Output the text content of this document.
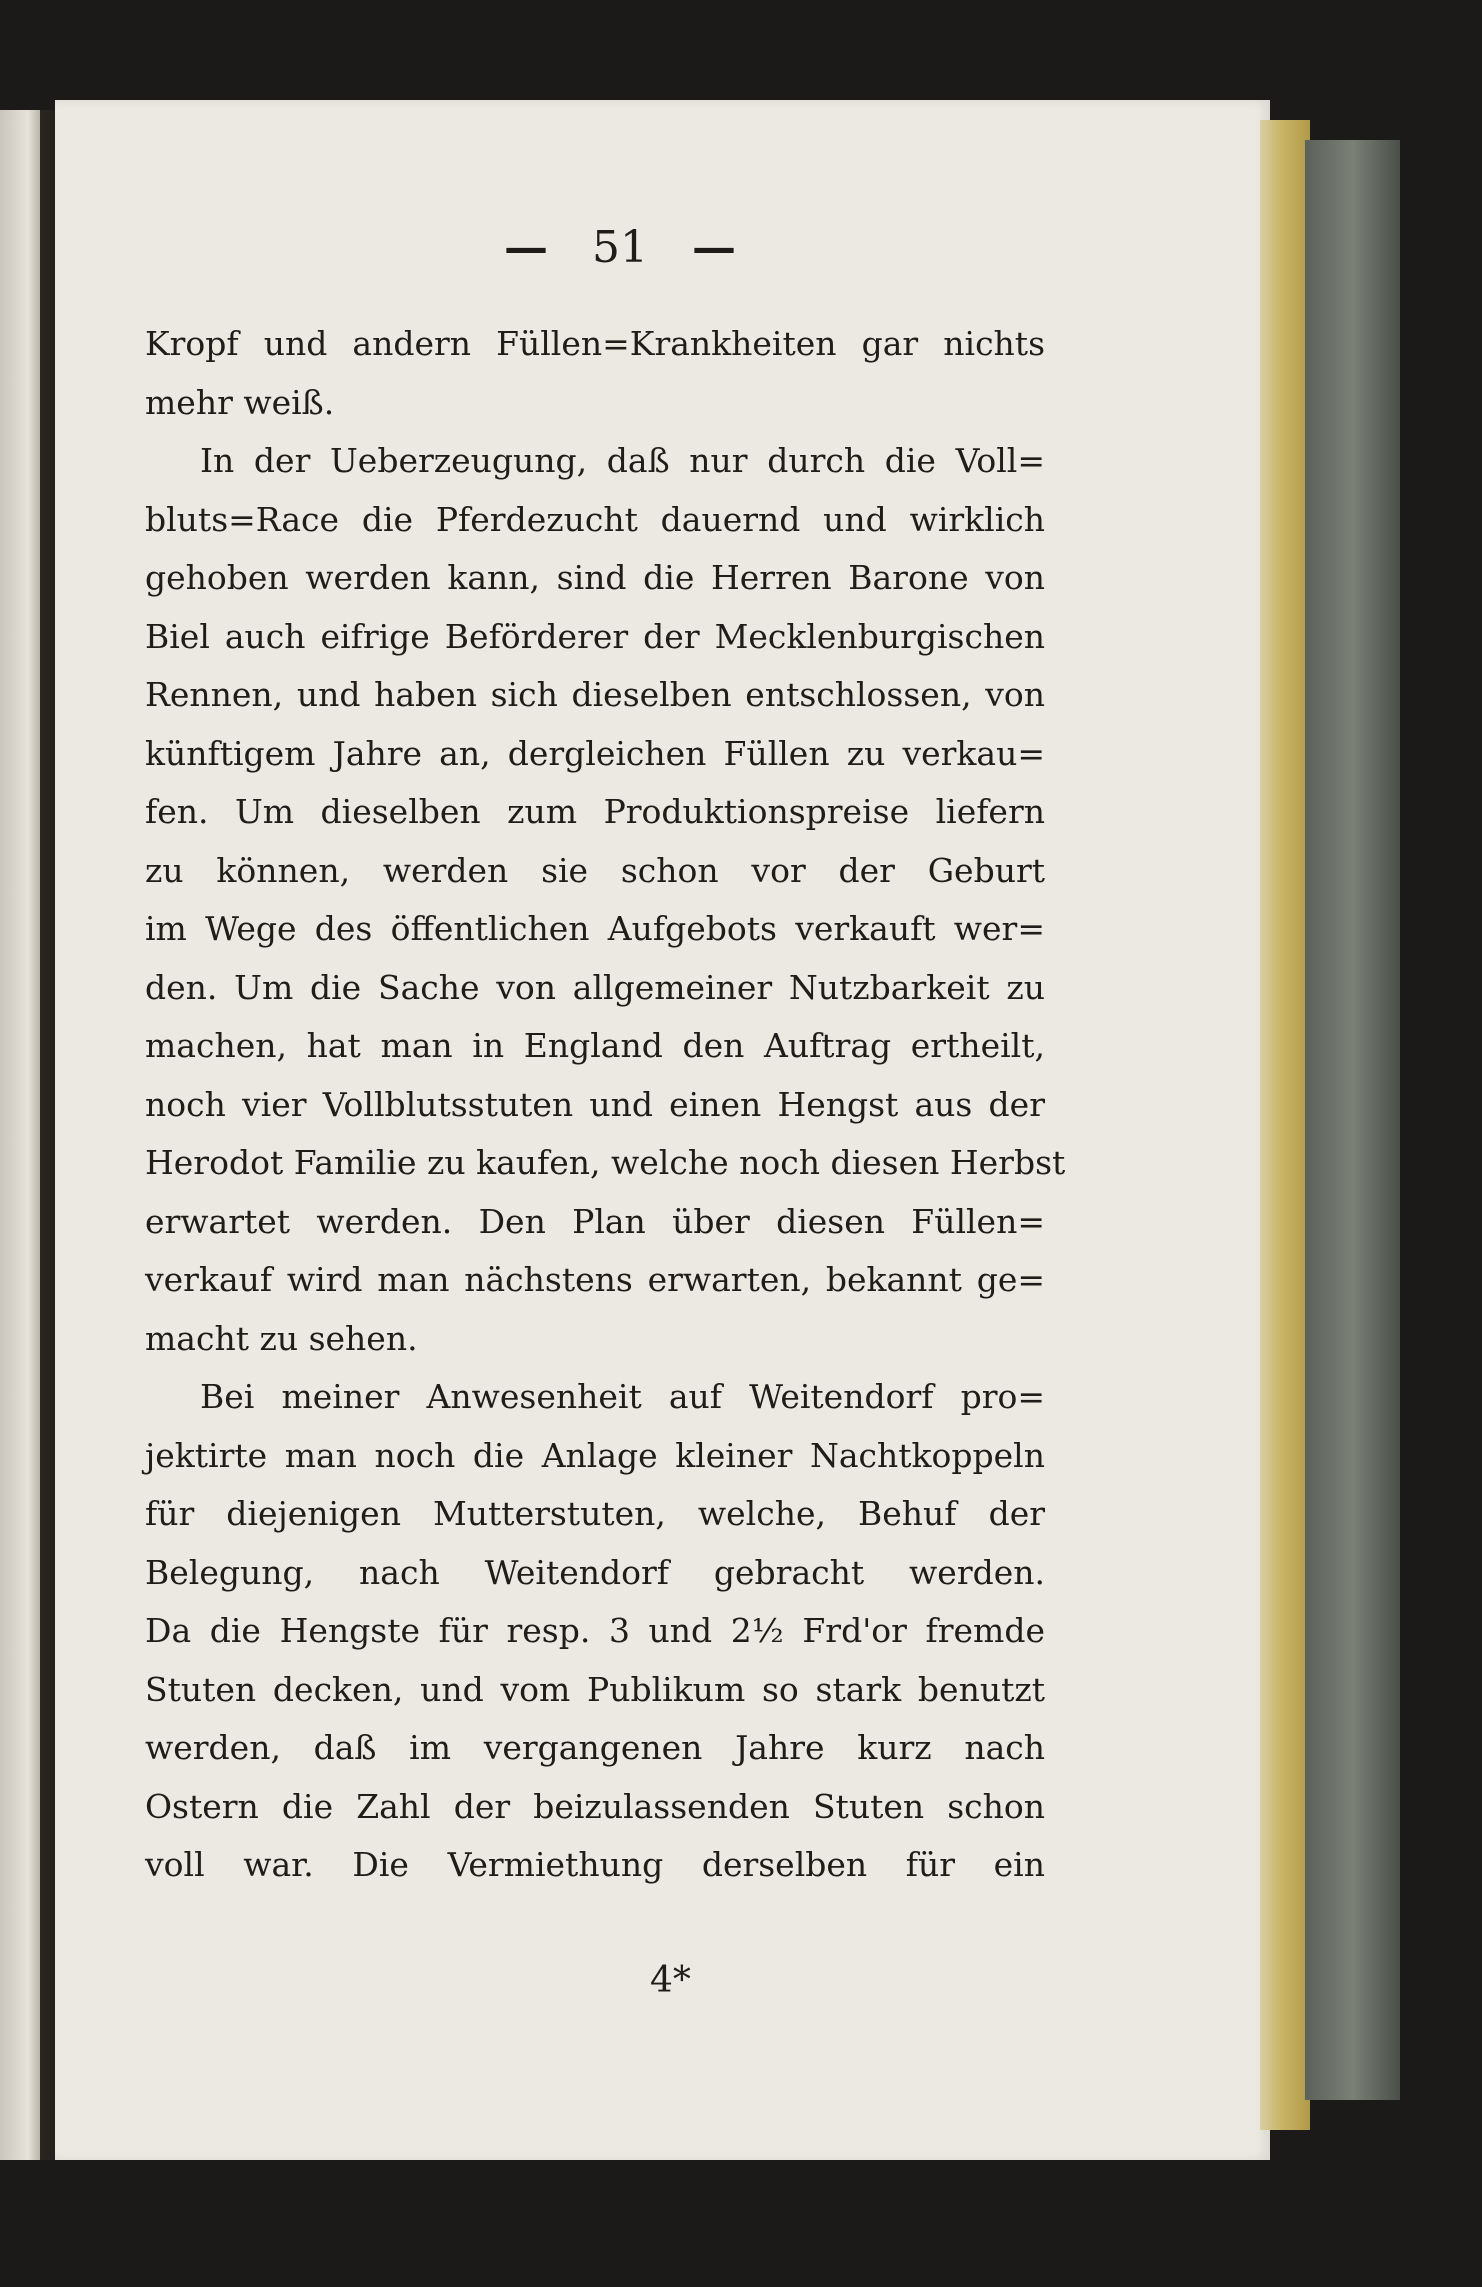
— 51 —
Kropf und andern Füllen=Krankheiten gar nichts
mehr weiß.
In der Ueberzeugung, daß nur durch die Voll=
bluts=Race die Pferdezucht dauernd und wirklich
gehoben werden kann, sind die Herren Barone von
Biel auch eifrige Beförderer der Mecklenburgischen
Rennen, und haben sich dieselben entschlossen, von
künftigem Jahre an, dergleichen Füllen zu verkau=
fen. Um dieselben zum Produktionspreise liefern
zu können, werden sie schon vor der Geburt
im Wege des öffentlichen Aufgebots verkauft wer=
den. Um die Sache von allgemeiner Nutzbarkeit zu
machen, hat man in England den Auftrag ertheilt,
noch vier Vollblutsstuten und einen Hengst aus der
Herodot Familie zu kaufen, welche noch diesen Herbst
erwartet werden. Den Plan über diesen Füllen=
verkauf wird man nächstens erwarten, bekannt ge=
macht zu sehen.
Bei meiner Anwesenheit auf Weitendorf pro=
jektirte man noch die Anlage kleiner Nachtkoppeln
für diejenigen Mutterstuten, welche, Behuf der
Belegung, nach Weitendorf gebracht werden.
Da die Hengste für resp. 3 und 2½ Frd'or fremde
Stuten decken, und vom Publikum so stark benutzt
werden, daß im vergangenen Jahre kurz nach
Ostern die Zahl der beizulassenden Stuten schon
voll war. Die Vermiethung derselben für ein
4*
